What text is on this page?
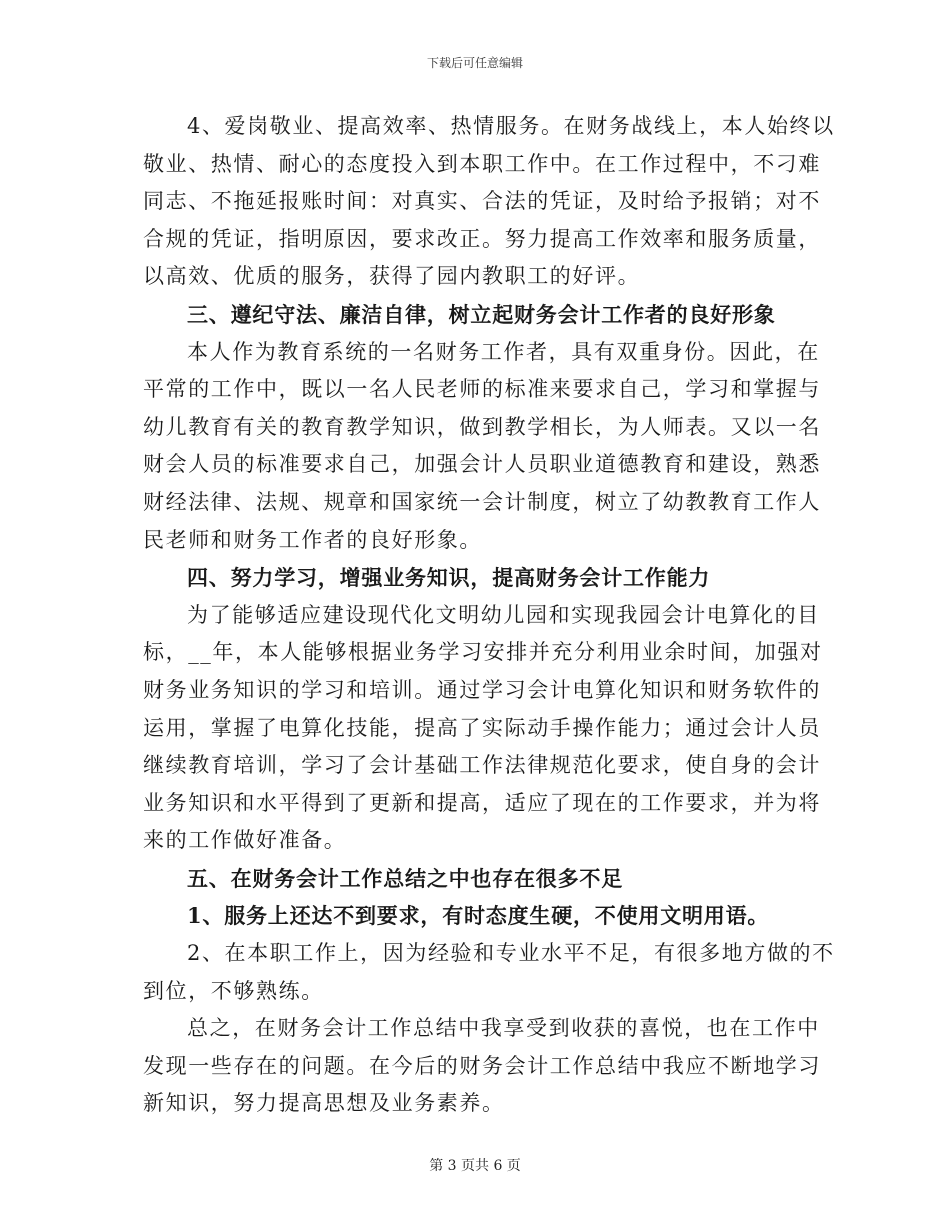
下载后可任意编辑
4、爱岗敬业、提高效率、热情服务。在财务战线上，本人始终以
敬业、热情、耐心的态度投入到本职工作中。在工作过程中，不刁难
同志、不拖延报账时间：对真实、合法的凭证，及时给予报销；对不
合规的凭证，指明原因，要求改正。努力提高工作效率和服务质量，
以高效、优质的服务，获得了园内教职工的好评。
三、遵纪守法、廉洁自律，树立起财务会计工作者的良好形象
本人作为教育系统的一名财务工作者，具有双重身份。因此，在
平常的工作中，既以一名人民老师的标准来要求自己，学习和掌握与
幼儿教育有关的教育教学知识，做到教学相长，为人师表。又以一名
财会人员的标准要求自己，加强会计人员职业道德教育和建设，熟悉
财经法律、法规、规章和国家统一会计制度，树立了幼教教育工作人
民老师和财务工作者的良好形象。
四、努力学习，增强业务知识，提高财务会计工作能力
为了能够适应建设现代化文明幼儿园和实现我园会计电算化的目
标，__年，本人能够根据业务学习安排并充分利用业余时间，加强对
财务业务知识的学习和培训。通过学习会计电算化知识和财务软件的
运用，掌握了电算化技能，提高了实际动手操作能力；通过会计人员
继续教育培训，学习了会计基础工作法律规范化要求，使自身的会计
业务知识和水平得到了更新和提高，适应了现在的工作要求，并为将
来的工作做好准备。
五、在财务会计工作总结之中也存在很多不足
1、服务上还达不到要求，有时态度生硬，不使用文明用语。
2、在本职工作上，因为经验和专业水平不足，有很多地方做的不
到位，不够熟练。
总之，在财务会计工作总结中我享受到收获的喜悦，也在工作中
发现一些存在的问题。在今后的财务会计工作总结中我应不断地学习
新知识，努力提高思想及业务素养。
第 3 页共 6 页
